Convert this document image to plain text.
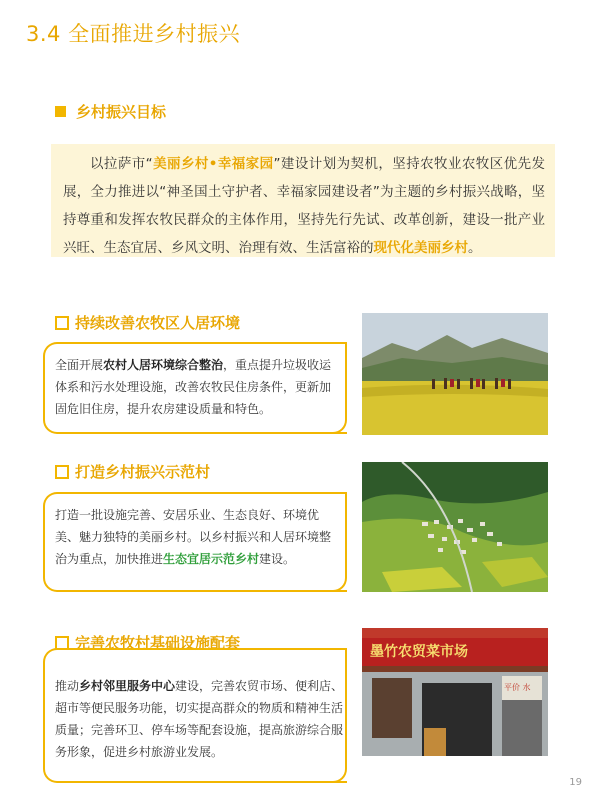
3.4 全面推进乡村振兴
乡村振兴目标

以拉萨市“美丽乡村•幸福家园”建设计划为契机，坚持农牧业农牧区优先发展，全力推进以“神圣国土守护者、幸福家园建设者”为主题的乡村振兴战略，坚持尊重和发挥农牧民群众的主体作用，坚持先行先试、改革创新，建设一批产业兴旺、生态宜居、乡风文明、治理有效、生活富裕的现代化美丽乡村。

持续改善农牧区人居环境
全面开展农村人居环境综合整治，重点提升垃圾收运体系和污水处理设施，改善农牧民住房条件，更新加固危旧住房，提升农房建设质量和特色。
打造乡村振兴示范村
打造一批设施完善、安居乐业、生态良好、环境优美、魅力独特的美丽乡村。以乡村振兴和人居环境整治为重点，加快推进生态宜居示范乡村建设。
完善农牧村基础设施配套
推动乡村邻里服务中心建设，完善农贸市场、便利店、超市等便民服务功能，切实提高群众的物质和精神生活质量；完善环卫、停车场等配套设施，提高旅游综合服务形象，促进乡村旅游业发展。
墨竹农贸菜市场
平价 水
19
